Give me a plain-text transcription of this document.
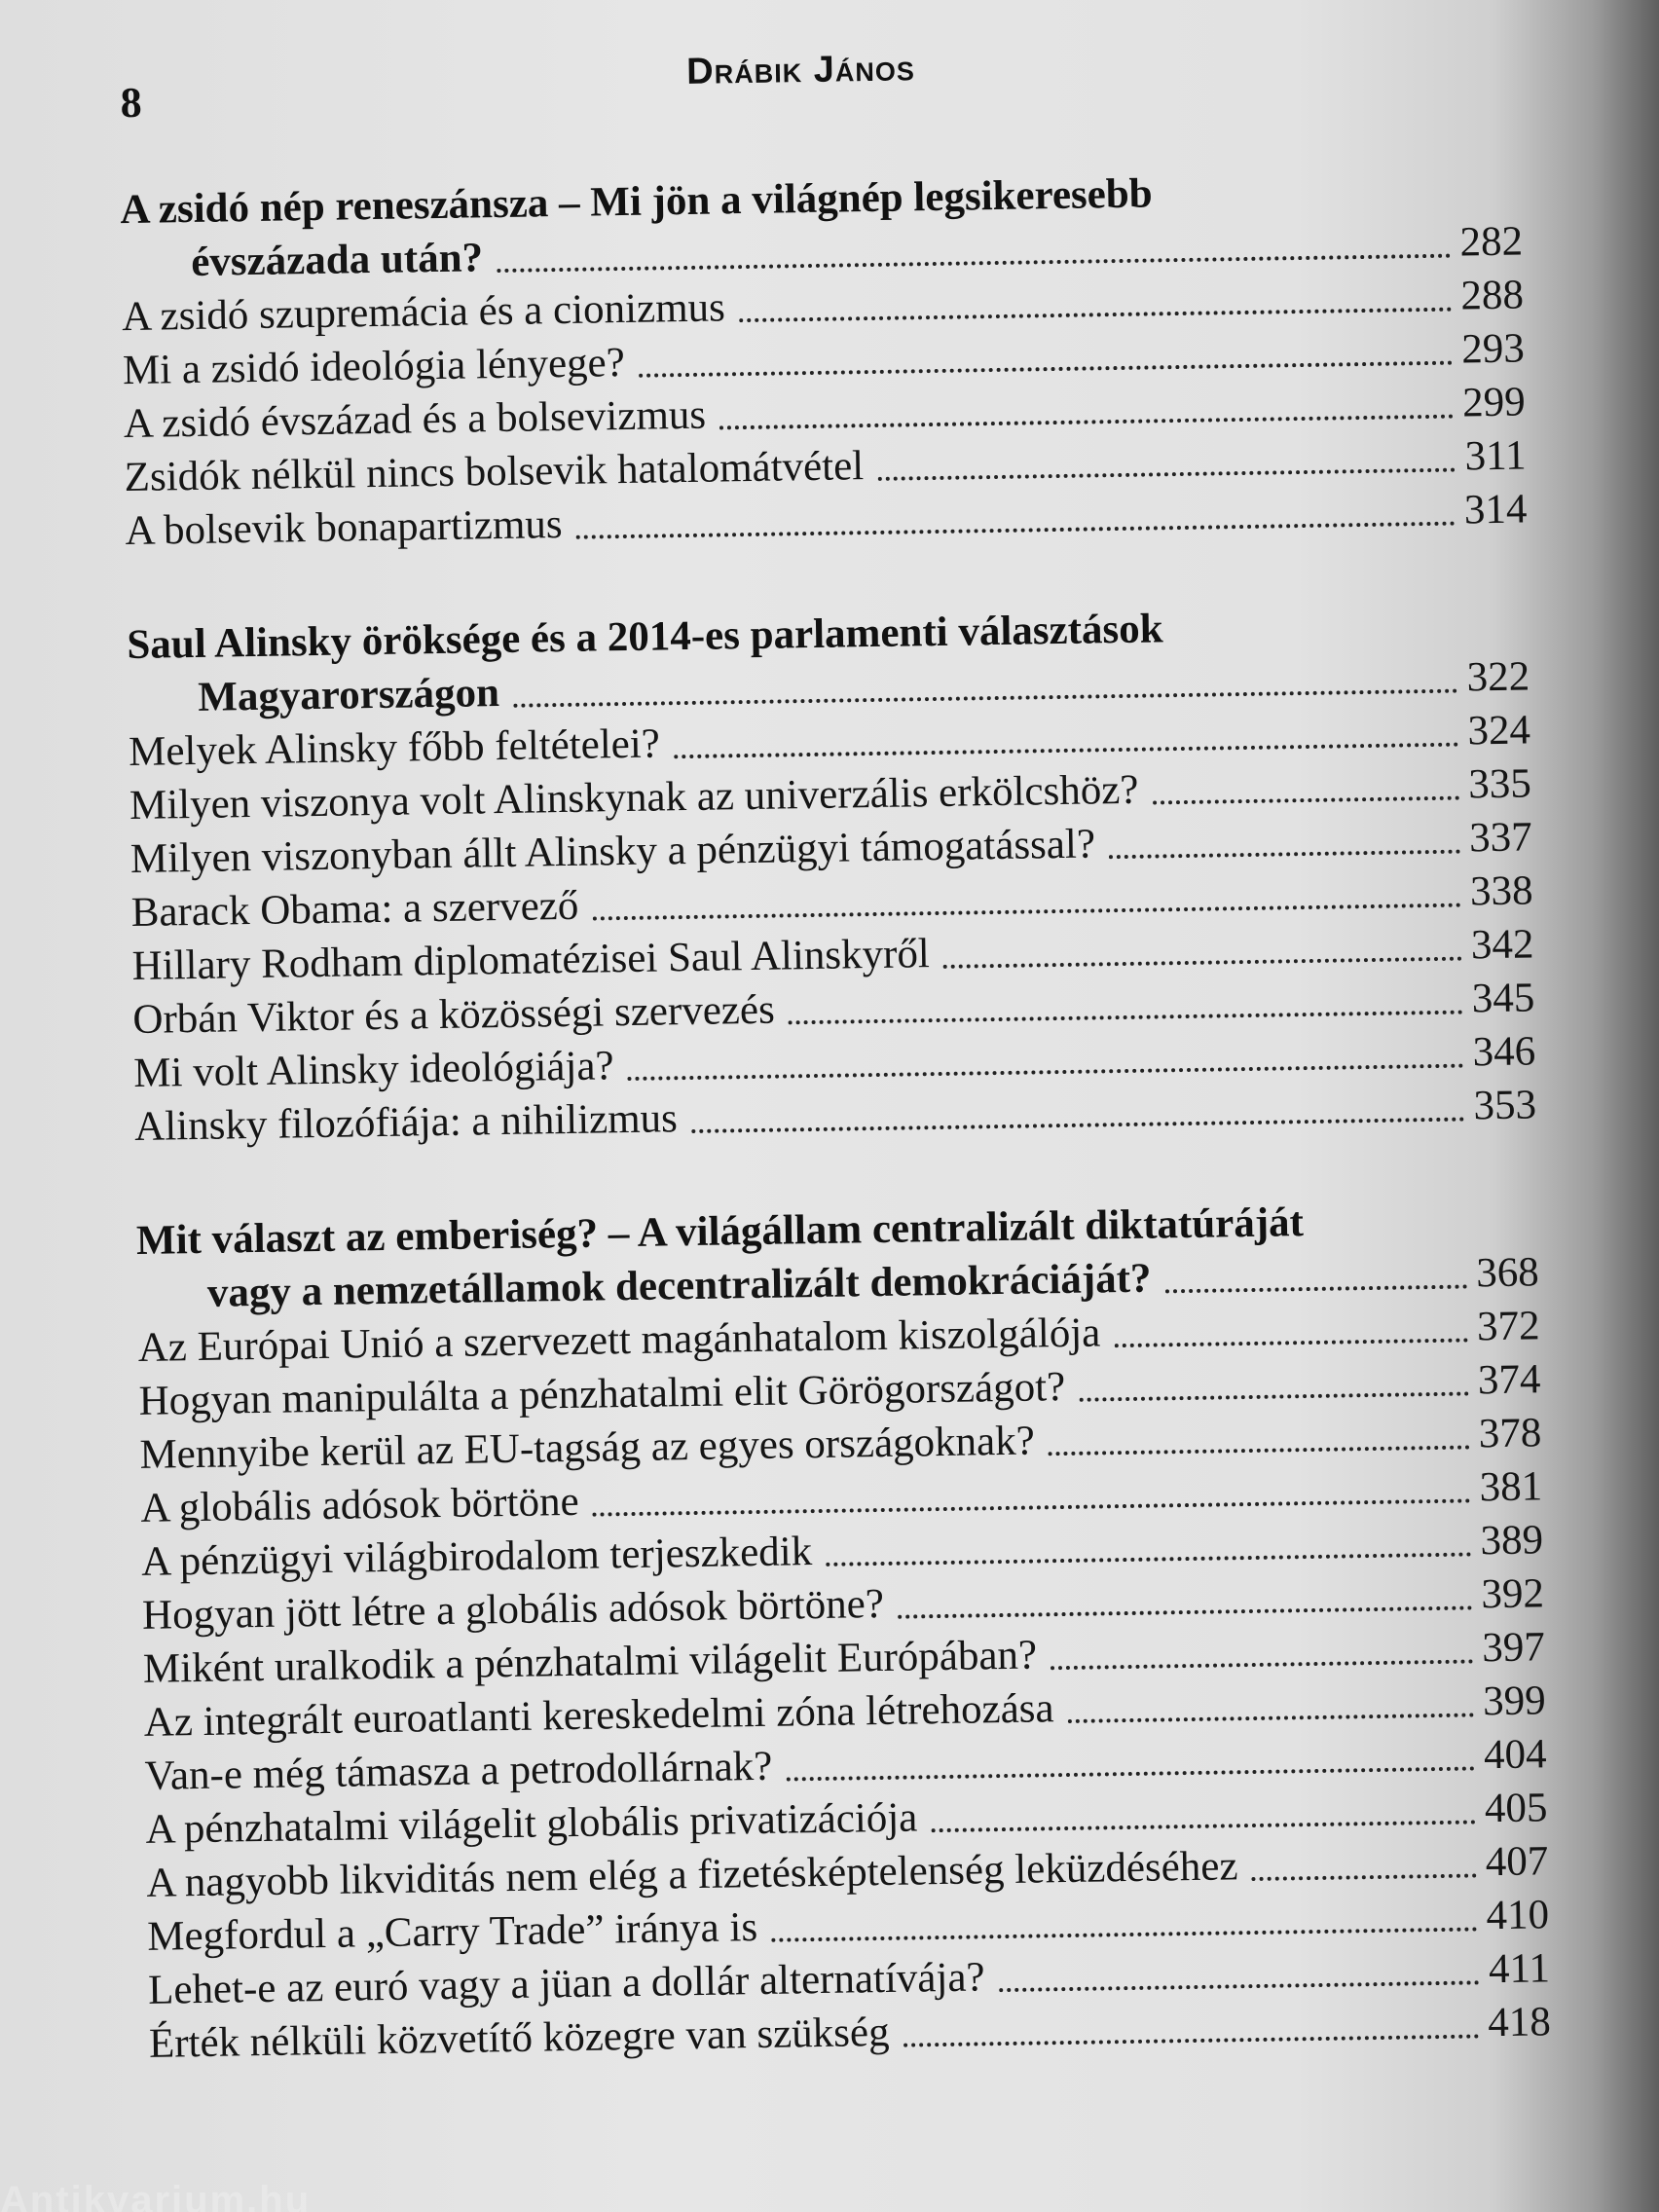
8
Drábik János
A zsidó nép reneszánsza – Mi jön a világnép legsikeresebb
évszázada után?	282
A zsidó szupremácia és a cionizmus	288
Mi a zsidó ideológia lényege?	293
A zsidó évszázad és a bolsevizmus	299
Zsidók nélkül nincs bolsevik hatalomátvétel	311
A bolsevik bonapartizmus	314
Saul Alinsky öröksége és a 2014-es parlamenti választások
Magyarországon	322
Melyek Alinsky főbb feltételei?	324
Milyen viszonya volt Alinskynak az univerzális erkölcshöz?	335
Milyen viszonyban állt Alinsky a pénzügyi támogatással?	337
Barack Obama: a szervező	338
Hillary Rodham diplomatézisei Saul Alinskyről	342
Orbán Viktor és a közösségi szervezés	345
Mi volt Alinsky ideológiája?	346
Alinsky filozófiája: a nihilizmus	353
Mit választ az emberiség? – A világállam centralizált diktatúráját
vagy a nemzetállamok decentralizált demokráciáját?	368
Az Európai Unió a szervezett magánhatalom kiszolgálója	372
Hogyan manipulálta a pénzhatalmi elit Görögországot?	374
Mennyibe kerül az EU-tagság az egyes országoknak?	378
A globális adósok börtöne	381
A pénzügyi világbirodalom terjeszkedik	389
Hogyan jött létre a globális adósok börtöne?	392
Miként uralkodik a pénzhatalmi világelit Európában?	397
Az integrált euroatlanti kereskedelmi zóna létrehozása	399
Van-e még támasza a petrodollárnak?	404
A pénzhatalmi világelit globális privatizációja	405
A nagyobb likviditás nem elég a fizetésképtelenség leküzdéséhez	407
Megfordul a „Carry Trade” iránya is	410
Lehet-e az euró vagy a jüan a dollár alternatívája?	411
Érték nélküli közvetítő közegre van szükség	418
Antikvarium.hu
